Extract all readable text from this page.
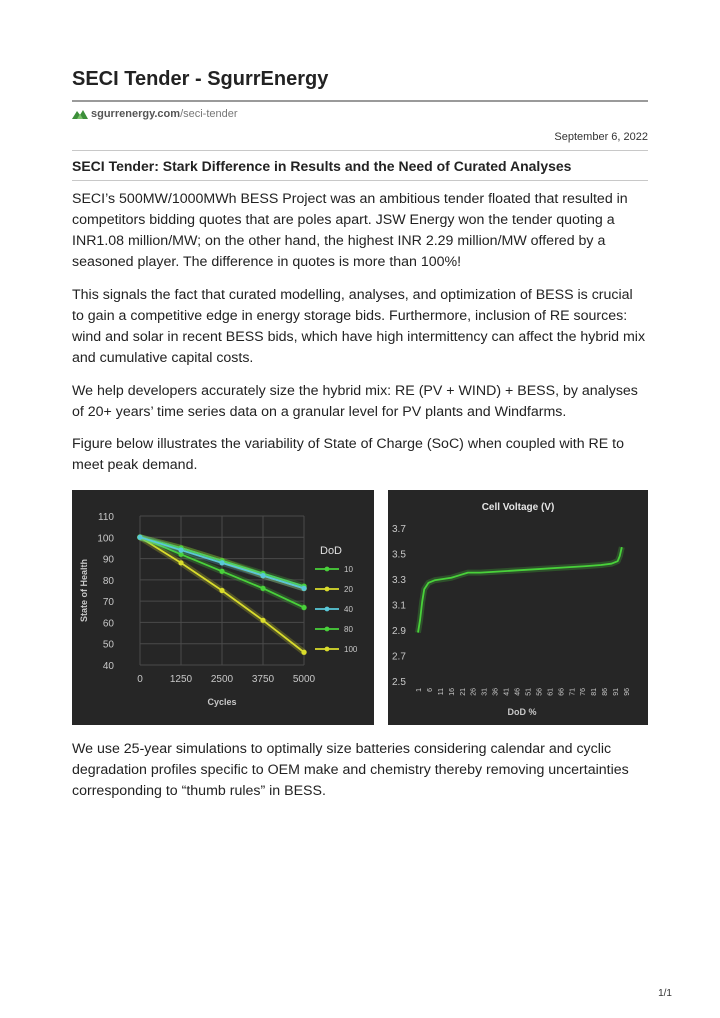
SECI Tender - SgurrEnergy
sgurrenergy.com /seci-tender
September 6, 2022
SECI Tender: Stark Difference in Results and the Need of Curated Analyses

SECI’s 500MW/1000MWh BESS Project was an ambitious tender floated that resulted in competitors bidding quotes that are poles apart. JSW Energy won the tender quoting a INR1.08 million/MW; on the other hand, the highest INR 2.29 million/MW offered by a seasoned player. The difference in quotes is more than 100%!

This signals the fact that curated modelling, analyses, and optimization of BESS is crucial to gain a competitive edge in energy storage bids. Furthermore, inclusion of RE sources: wind and solar in recent BESS bids, which have high intermittency can affect the hybrid mix and cumulative capital costs.

We help developers accurately size the hybrid mix: RE (PV + WIND) + BESS, by analyses of 20+ years’ time series data on a granular level for PV plants and Windfarms.

Figure below illustrates the variability of State of Charge (SoC) when coupled with RE to meet peak demand.

110
100
90
80
70
60
50
40
0	1250 2500 3750 5000
Cycles
State of Health
DoD
10
20
40
80
100
Cell Voltage (V)
3.7
3.5
3.3
3.1
2.9
2.7
2.5
1 6 11 16 21 26 31 36 41 46 51 56 61 66 71 76 81 86 91 96
DoD %

We use 25-year simulations to optimally size batteries considering calendar and cyclic degradation profiles specific to OEM make and chemistry thereby removing uncertainties corresponding to “thumb rules” in BESS.

1/1
